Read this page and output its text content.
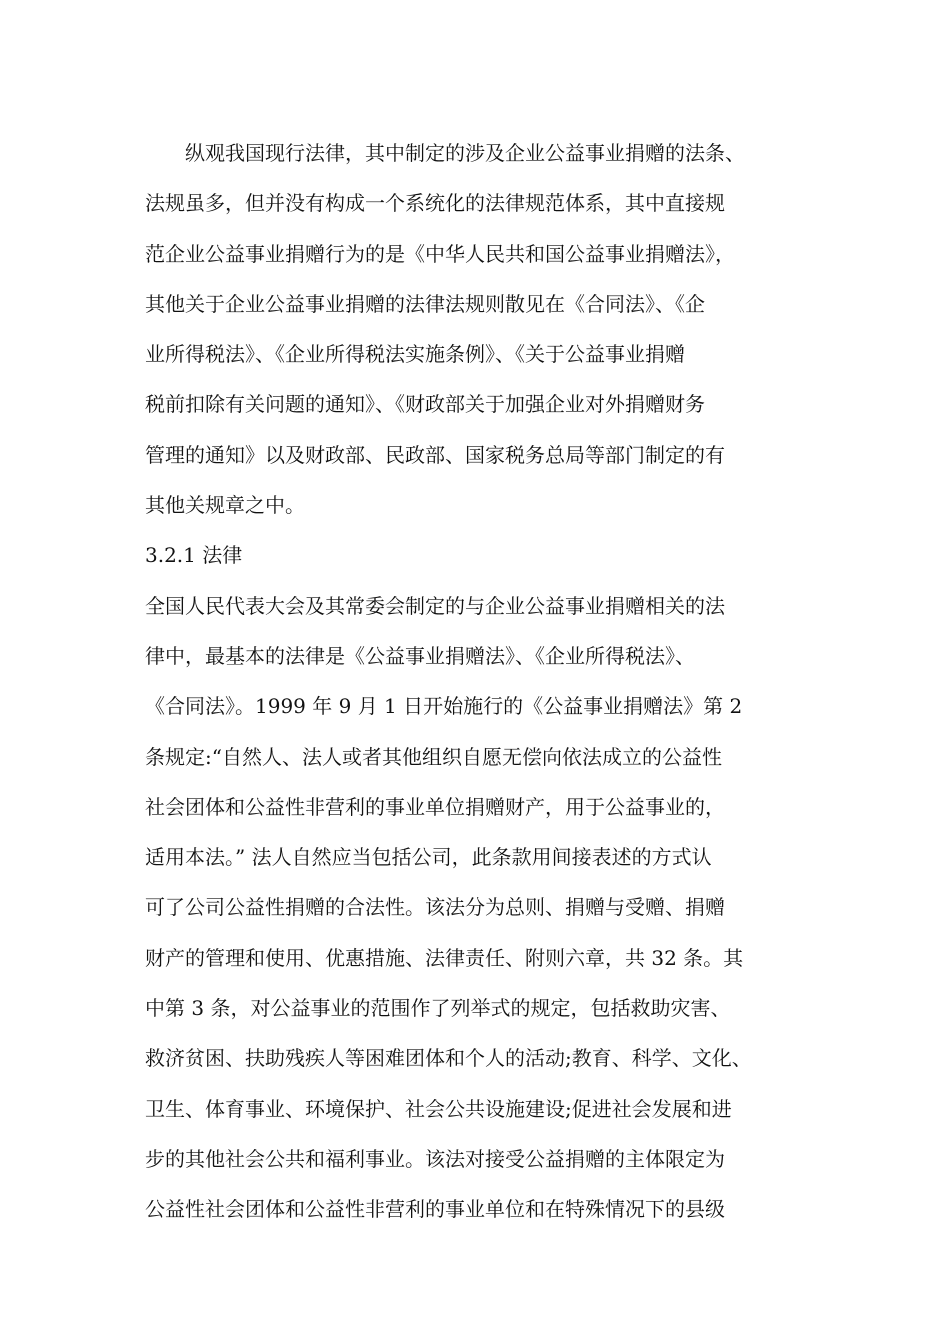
　　纵观我国现行法律，其中制定的涉及企业公益事业捐赠的法条、
法规虽多，但并没有构成一个系统化的法律规范体系，其中直接规
范企业公益事业捐赠行为的是《中华人民共和国公益事业捐赠法》，
其他关于企业公益事业捐赠的法律法规则散见在《合同法》、《企
业所得税法》、《企业所得税法实施条例》、《关于公益事业捐赠
税前扣除有关问题的通知》、《财政部关于加强企业对外捐赠财务
管理的通知》以及财政部、民政部、国家税务总局等部门制定的有
其他关规章之中。
3.2.1 法律
全国人民代表大会及其常委会制定的与企业公益事业捐赠相关的法
律中，最基本的法律是《公益事业捐赠法》、《企业所得税法》、
《合同法》。1999 年 9 月 1 日开始施行的《公益事业捐赠法》第 2
条规定:“自然人、法人或者其他组织自愿无偿向依法成立的公益性
社会团体和公益性非营利的事业单位捐赠财产，用于公益事业的，
适用本法。” 法人自然应当包括公司，此条款用间接表述的方式认
可了公司公益性捐赠的合法性。该法分为总则、捐赠与受赠、捐赠
财产的管理和使用、优惠措施、法律责任、附则六章，共 32 条。其
中第 3 条，对公益事业的范围作了列举式的规定，包括救助灾害、
救济贫困、扶助残疾人等困难团体和个人的活动;教育、科学、文化、
卫生、体育事业、环境保护、社会公共设施建设;促进社会发展和进
步的其他社会公共和福利事业。该法对接受公益捐赠的主体限定为
公益性社会团体和公益性非营利的事业单位和在特殊情况下的县级
